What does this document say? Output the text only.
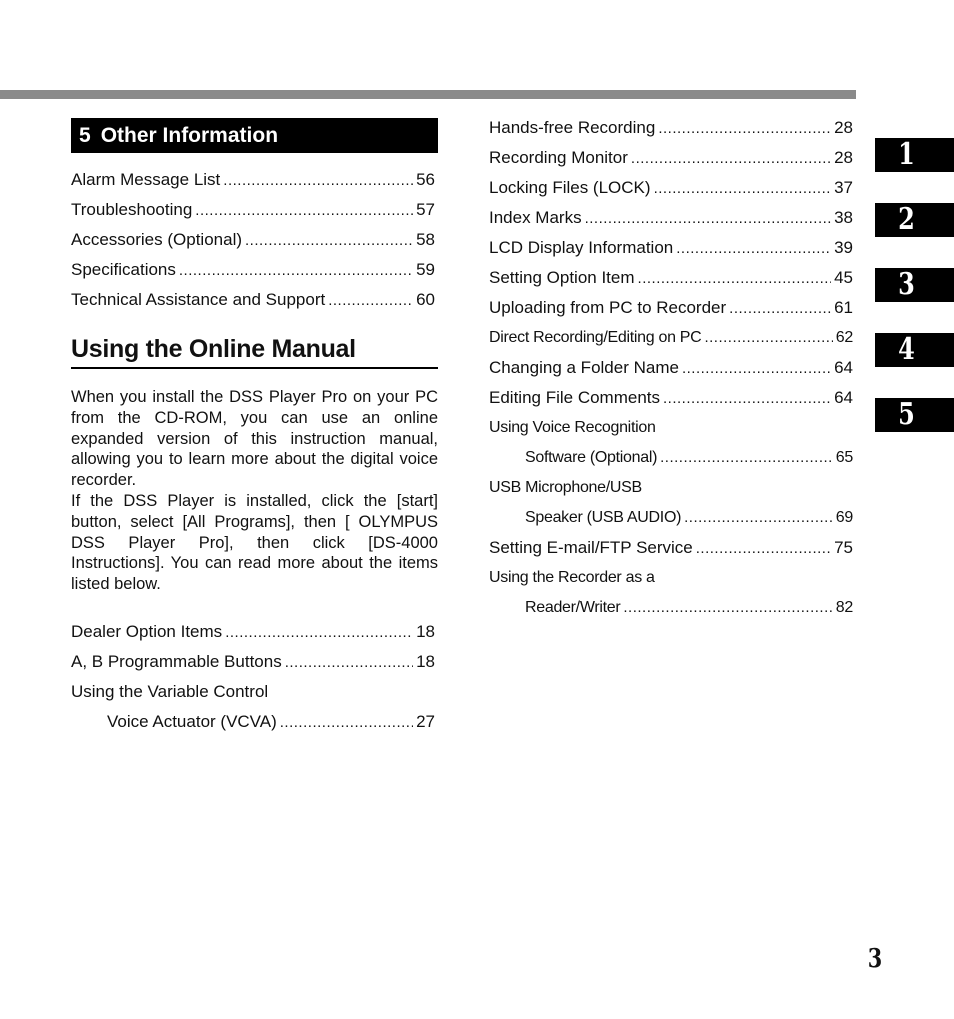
5 Other Information
Alarm Message List .....	56
Troubleshooting .....	57
Accessories (Optional) .....	58
Specifications .....	59
Technical Assistance and Support .....	60
Using the Online Manual
When you install the DSS Player Pro on your PC from the CD-ROM, you can use an online expanded version of this instruction manual, allowing you to learn more about the digital voice recorder.
If the DSS Player is installed, click the [start] button, select [All Programs], then [ OLYMPUS DSS Player Pro], then click [DS-4000 Instructions]. You can read more about the items listed below.
Dealer Option Items .....	18
A, B Programmable Buttons .....	18
Using the Variable Control
Voice Actuator (VCVA) .....	27
Hands-free Recording .....	28
Recording Monitor .....	28
Locking Files (LOCK) .....	37
Index Marks .....	38
LCD Display Information .....	39
Setting Option Item .....	45
Uploading from PC to Recorder .....	61
Direct Recording/Editing on PC .....	62
Changing a Folder Name .....	64
Editing File Comments .....	64
Using Voice Recognition
Software (Optional) .....	65
USB Microphone/USB
Speaker (USB AUDIO) .....	69
Setting E-mail/FTP Service .....	75
Using the Recorder as a
Reader/Writer .....	82
1
2
3
4
5
3
